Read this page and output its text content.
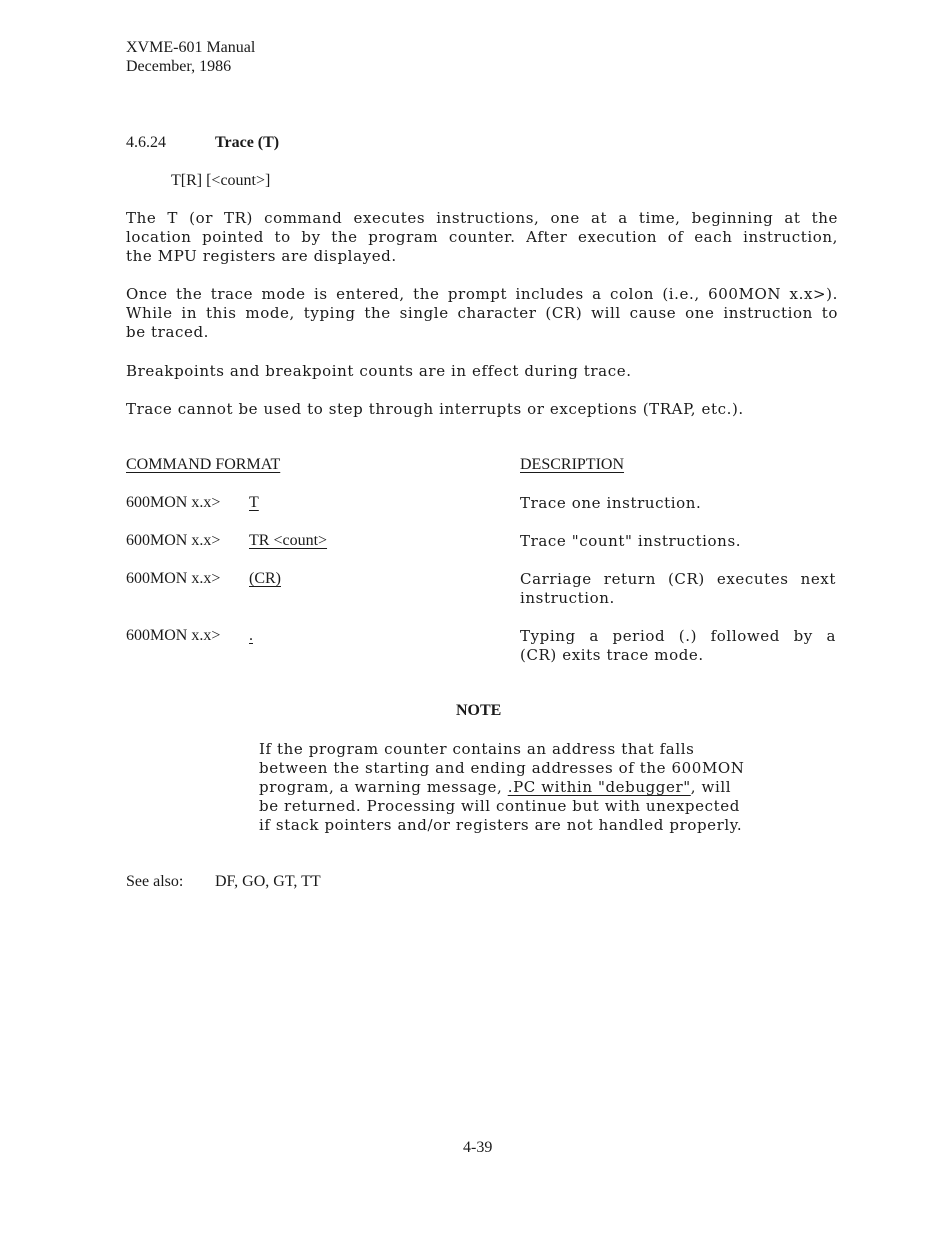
XVME-601 Manual
December, 1986
4.6.24	Trace (T)
T[R] [<count>]
The T (or TR) command executes instructions, one at a time, beginning at the
location pointed to by the program counter. After execution of each instruction,
the MPU registers are displayed.
Once the trace mode is entered, the prompt includes a colon (i.e., 600MON x.x>).
While in this mode, typing the single character (CR) will cause one instruction to
be traced.
Breakpoints and breakpoint counts are in effect during trace.
Trace cannot be used to step through interrupts or exceptions (TRAP, etc.).
COMMAND FORMAT	DESCRIPTION
600MON x.x> T	Trace one instruction.
600MON x.x> TR <count>	Trace "count" instructions.
600MON x.x> (CR)	Carriage return (CR) executes next
instruction.
600MON x.x> .	Typing a period (.) followed by a
(CR) exits trace mode.
NOTE
If the program counter contains an address that falls
between the starting and ending addresses of the 600MON
program, a warning message, .PC within "debugger", will
be returned. Processing will continue but with unexpected
if stack pointers and/or registers are not handled properly.
See also: DF, GO, GT, TT
4-39
